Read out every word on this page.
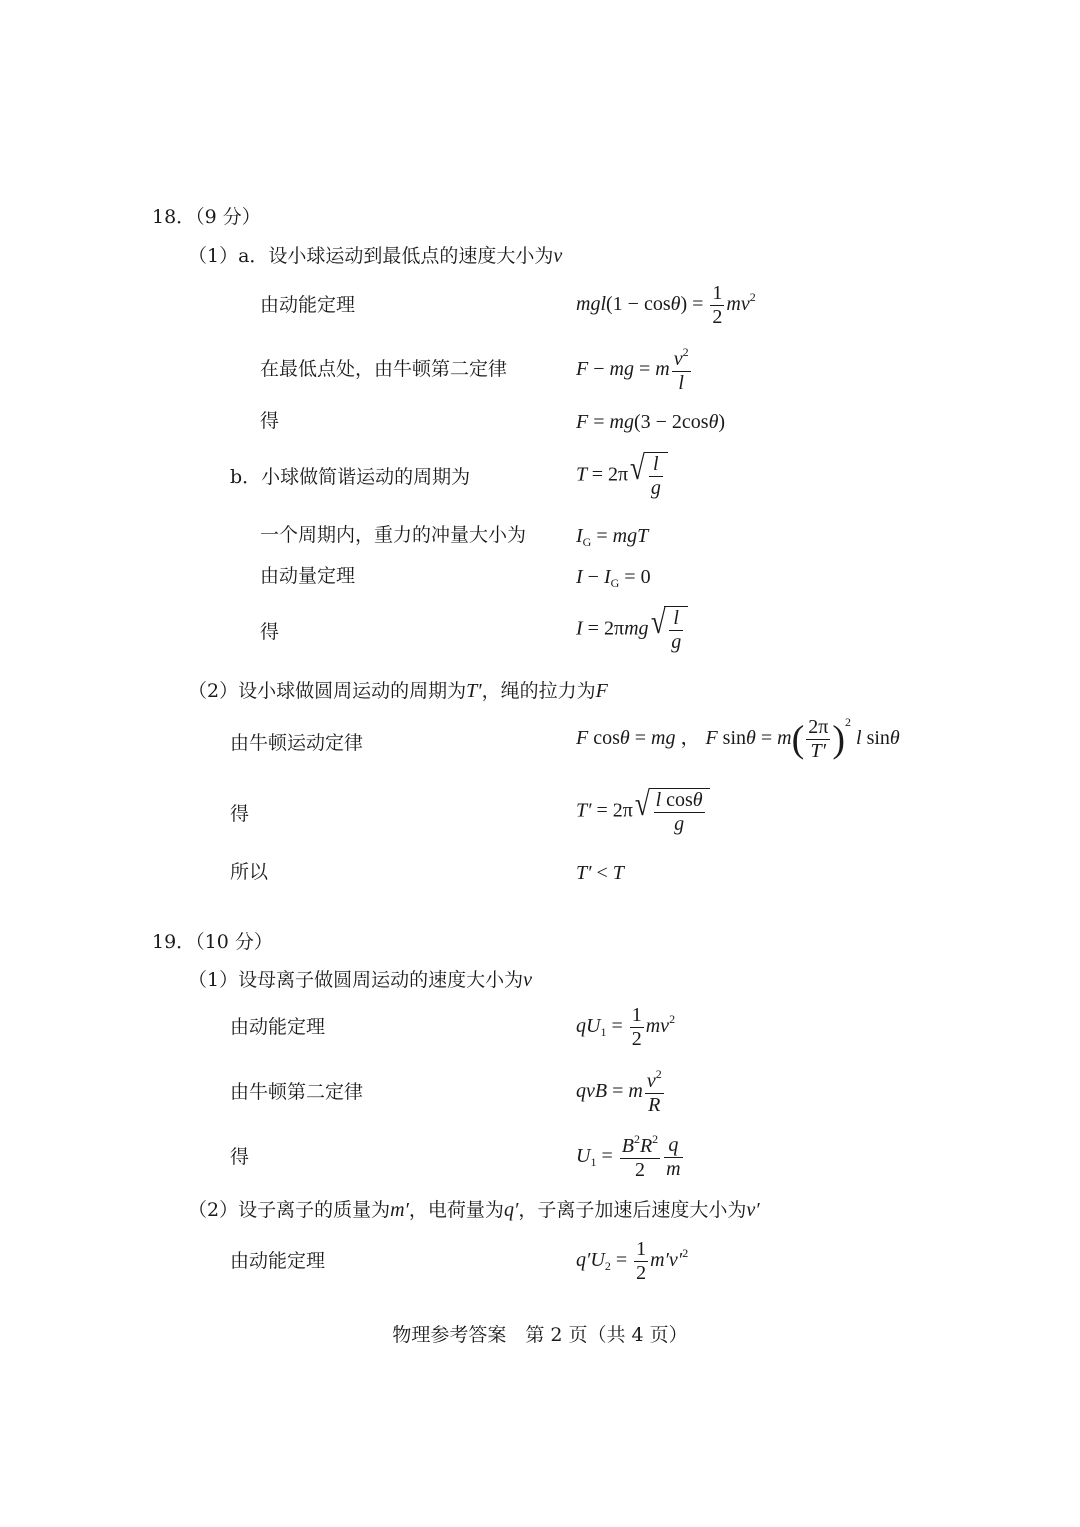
18．（9 分）
（1）a．设小球运动到最低点的速度大小为v
由动能定理	$mgl(1 - \cos\theta) = \frac{1}{2} mv^2$
在最低点处，由牛顿第二定律	F − mg = m $\frac{v^2}{l}$
得	F = mg(3 − 2cosθ)
b．小球做简谐运动的周期为	T = 2π √ $\frac{l}{g}$
一个周期内，重力的冲量大小为 $I_G$ = mgT
由动量定理	$I - I_G = 0$
得	I = 2πmg √ $\frac{l}{g}$
（2）设小球做圆周运动的周期为T′，绳的拉力为F
由牛顿运动定律	F cosθ = mg ， F $\sin\theta = m( \frac{2\pi}{T'} )^2$ l sinθ
得	T′ = 2π √ $\frac{\text{l cosθ}}{g}$
所以	T′ < T
19．（10 分）
（1）设母离子做圆周运动的速度大小为v
由动能定理	$qU_1 = \frac{1}{2} mv^2$
由牛顿第二定律	qvB = m $\frac{v^2}{R}$
得	$U_1 = \frac{B^2R^2}{2} \frac{q}{m}$
（2）设子离子的质量为m′，电荷量为q′，子离子加速后速度大小为v′
由动能定理	$q'U_2 = \frac{1}{2} m'v'^2$
物理参考答案　第 2 页（共 4 页）
